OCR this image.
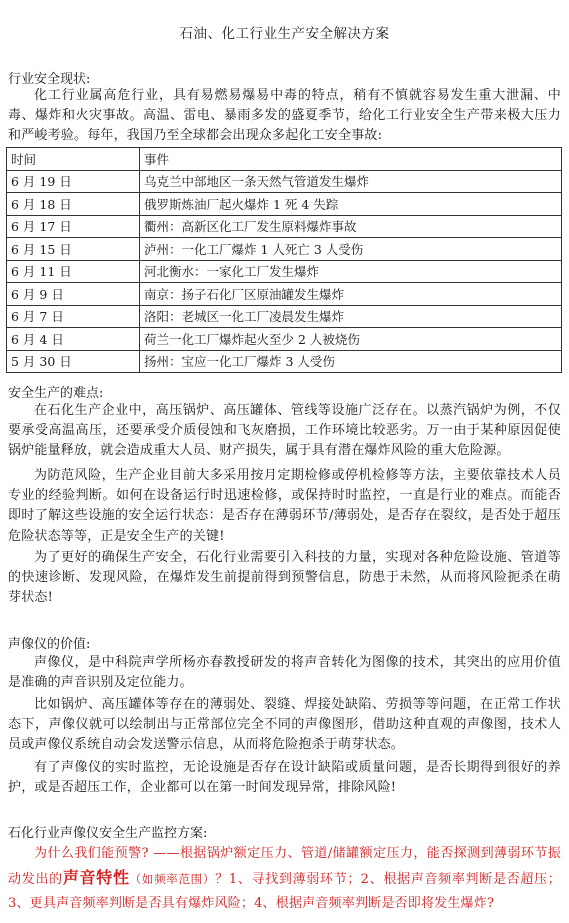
石油、化工行业生产安全解决方案
行业安全现状:
化工行业属高危行业，具有易燃易爆易中毒的特点，稍有不慎就容易发生重大泄漏、中毒、爆炸和火灾事故。高温、雷电、暴雨多发的盛夏季节，给化工行业安全生产带来极大压力和严峻考验。每年，我国乃至全球都会出现众多起化工安全事故:
时间	事件
6 月 19 日	乌克兰中部地区一条天然气管道发生爆炸
6 月 18 日	俄罗斯炼油厂起火爆炸 1 死 4 失踪
6 月 17 日	衢州：高新区化工厂发生原料爆炸事故
6 月 15 日	泸州：一化工厂爆炸 1 人死亡 3 人受伤
6 月 11 日	河北衡水：一家化工厂发生爆炸
6 月 9 日	南京：扬子石化厂区原油罐发生爆炸
6 月 7 日	洛阳：老城区一化工厂凌晨发生爆炸
6 月 4 日	荷兰一化工厂爆炸起火至少 2 人被烧伤
5 月 30 日	扬州：宝应一化工厂爆炸 3 人受伤
安全生产的难点:
在石化生产企业中，高压锅炉、高压罐体、管线等设施广泛存在。以蒸汽锅炉为例，不仅要承受高温高压，还要承受介质侵蚀和飞灰磨损，工作环境比较恶劣。万一由于某种原因促使锅炉能量释放，就会造成重大人员、财产损失，属于具有潜在爆炸风险的重大危险源。
为防范风险，生产企业目前大多采用按月定期检修或停机检修等方法，主要依靠技术人员专业的经验判断。如何在设备运行时迅速检修，或保持时时监控，一直是行业的难点。而能否即时了解这些设施的安全运行状态：是否存在薄弱环节/薄弱处，是否存在裂纹，是否处于超压危险状态等等，正是安全生产的关键!
为了更好的确保生产安全，石化行业需要引入科技的力量，实现对各种危险设施、管道等的快速诊断、发现风险，在爆炸发生前提前得到预警信息，防患于未然，从而将风险扼杀在萌芽状态!
声像仪的价值:
声像仪，是中科院声学所杨亦春教授研发的将声音转化为图像的技术，其突出的应用价值是准确的声音识别及定位能力。
比如锅炉、高压罐体等存在的薄弱处、裂缝、焊接处缺陷、劳损等等问题，在正常工作状态下，声像仪就可以绘制出与正常部位完全不同的声像图形，借助这种直观的声像图，技术人员或声像仪系统自动会发送警示信息，从而将危险抱杀于萌芽状态。
有了声像仪的实时监控，无论设施是否存在设计缺陷或质量问题，是否长期得到很好的养护，或是否超压工作，企业都可以在第一时间发现异常，排除风险!
石化行业声像仪安全生产监控方案:
为什么我们能预警? ——根据锅炉额定压力、管道/储罐额定压力，能否探测到薄弱环节振动发出的声音特性（如频率范围）？1、寻找到薄弱环节；2、根据声音频率判断是否超压；3、更具声音频率判断是否具有爆炸风险；4、根据声音频率判断是否即将发生爆炸?
